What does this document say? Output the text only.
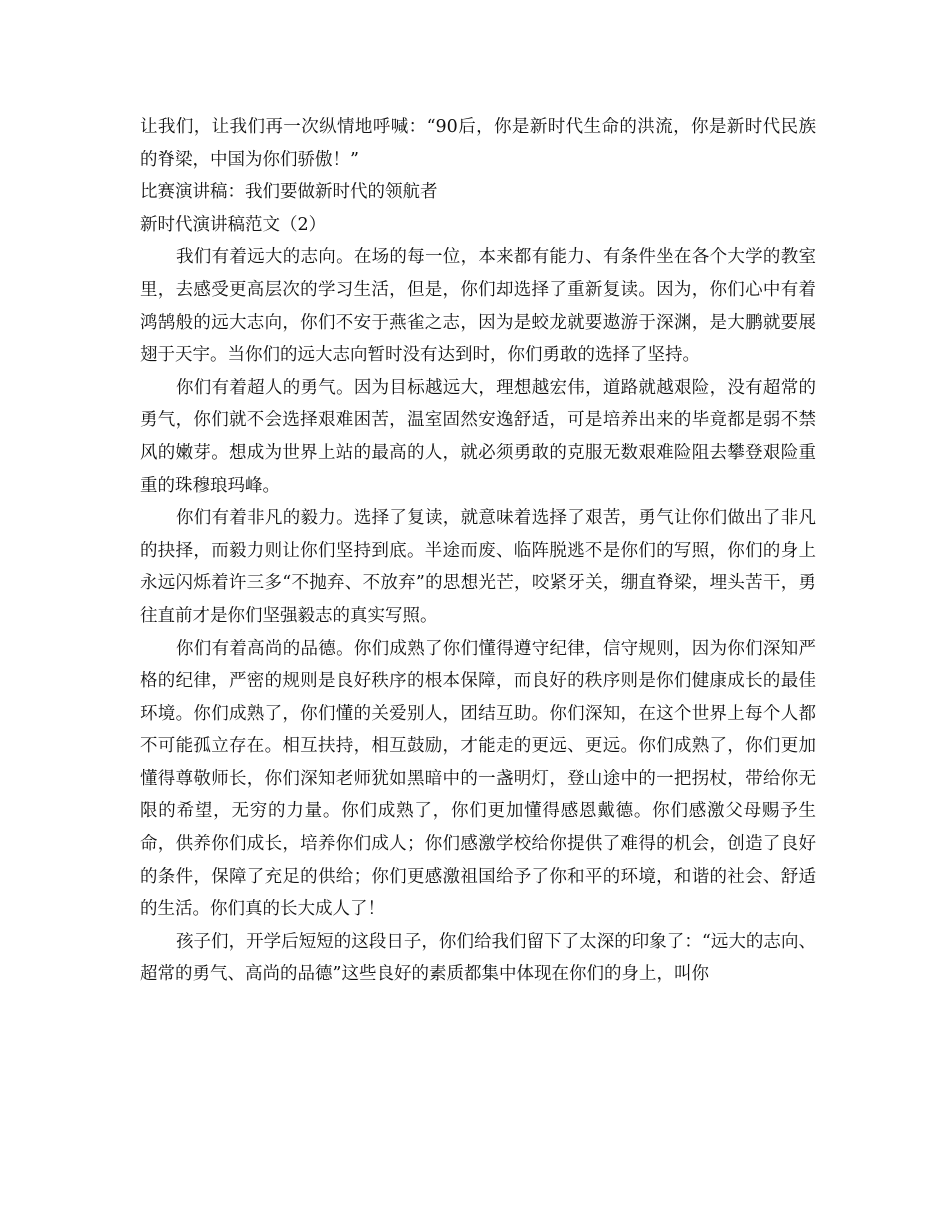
让我们，让我们再一次纵情地呼喊：“90后，你是新时代生命的洪流，你是新时代民族的脊梁，中国为你们骄傲！”

比赛演讲稿：我们要做新时代的领航者

新时代演讲稿范文（2）

我们有着远大的志向。在场的每一位，本来都有能力、有条件坐在各个大学的教室里，去感受更高层次的学习生活，但是，你们却选择了重新复读。因为，你们心中有着鸿鹄般的远大志向，你们不安于燕雀之志，因为是蛟龙就要遨游于深渊，是大鹏就要展翅于天宇。当你们的远大志向暂时没有达到时，你们勇敢的选择了坚持。

你们有着超人的勇气。因为目标越远大，理想越宏伟，道路就越艰险，没有超常的勇气，你们就不会选择艰难困苦，温室固然安逸舒适，可是培养出来的毕竟都是弱不禁风的嫩芽。想成为世界上站的最高的人，就必须勇敢的克服无数艰难险阻去攀登艰险重重的珠穆琅玛峰。

你们有着非凡的毅力。选择了复读，就意味着选择了艰苦，勇气让你们做出了非凡的抉择，而毅力则让你们坚持到底。半途而废、临阵脱逃不是你们的写照，你们的身上永远闪烁着许三多“不抛弃、不放弃”的思想光芒，咬紧牙关，绷直脊梁，埋头苦干，勇往直前才是你们坚强毅志的真实写照。

你们有着高尚的品德。你们成熟了你们懂得遵守纪律，信守规则，因为你们深知严格的纪律，严密的规则是良好秩序的根本保障，而良好的秩序则是你们健康成长的最佳环境。你们成熟了，你们懂的关爱别人，团结互助。你们深知，在这个世界上每个人都不可能孤立存在。相互扶持，相互鼓励，才能走的更远、更远。你们成熟了，你们更加懂得尊敬师长，你们深知老师犹如黑暗中的一盏明灯，登山途中的一把拐杖，带给你无限的希望，无穷的力量。你们成熟了，你们更加懂得感恩戴德。你们感激父母赐予生命，供养你们成长，培养你们成人；你们感激学校给你提供了难得的机会，创造了良好的条件，保障了充足的供给；你们更感激祖国给予了你和平的环境，和谐的社会、舒适的生活。你们真的长大成人了！

孩子们，开学后短短的这段日子，你们给我们留下了太深的印象了：“远大的志向、超常的勇气、高尚的品德”这些良好的素质都集中体现在你们的身上，叫你
